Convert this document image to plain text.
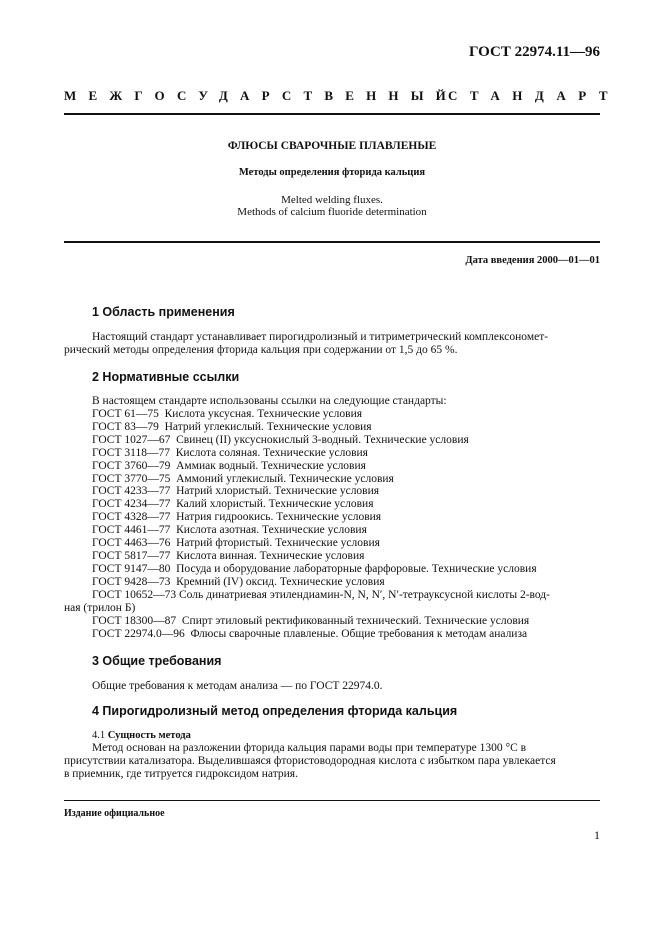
ГОСТ 22974.11—96
МЕЖГОСУДАРСТВЕННЫЙ
СТАНДАРТ
ФЛЮСЫ СВАРОЧНЫЕ ПЛАВЛЕНЫЕ
Методы определения фторида кальция
Melted welding fluxes.
Methods of calcium fluoride determination
Дата введения 2000—01—01
1 Область применения
Настоящий стандарт устанавливает пирогидролизный и титриметрический комплексономет-
рический методы определения фторида кальция при содержании от 1,5 до 65 %.
2 Нормативные ссылки
В настоящем стандарте использованы ссылки на следующие стандарты:
ГОСТ 61—75  Кислота уксусная. Технические условия
ГОСТ 83—79  Натрий углекислый. Технические условия
ГОСТ 1027—67  Свинец (II) уксуснокислый 3-водный. Технические условия
ГОСТ 3118—77  Кислота соляная. Технические условия
ГОСТ 3760—79  Аммиак водный. Технические условия
ГОСТ 3770—75  Аммоний углекислый. Технические условия
ГОСТ 4233—77  Натрий хлористый. Технические условия
ГОСТ 4234—77  Калий хлористый. Технические условия
ГОСТ 4328—77  Натрия гидроокись. Технические условия
ГОСТ 4461—77  Кислота азотная. Технические условия
ГОСТ 4463—76  Натрий фтористый. Технические условия
ГОСТ 5817—77  Кислота винная. Технические условия
ГОСТ 9147—80  Посуда и оборудование лабораторные фарфоровые. Технические условия
ГОСТ 9428—73  Кремний (IV) оксид. Технические условия
ГОСТ 10652—73 Соль динатриевая этилендиамин-N, N, N′, N′-тетрауксусной кислоты 2-вод-
ная (трилон Б)
ГОСТ 18300—87  Спирт этиловый ректификованный технический. Технические условия
ГОСТ 22974.0—96  Флюсы сварочные плавленые. Общие требования к методам анализа
3 Общие требования
Общие требования к методам анализа — по ГОСТ 22974.0.
4 Пирогидролизный метод определения фторида кальция
4.1 Сущность метода
Метод основан на разложении фторида кальция парами воды при температуре 1300 °С в
присутствии катализатора. Выделившаяся фтористоводородная кислота с избытком пара увлекается
в приемник, где титруется гидроксидом натрия.
Издание официальное
1
